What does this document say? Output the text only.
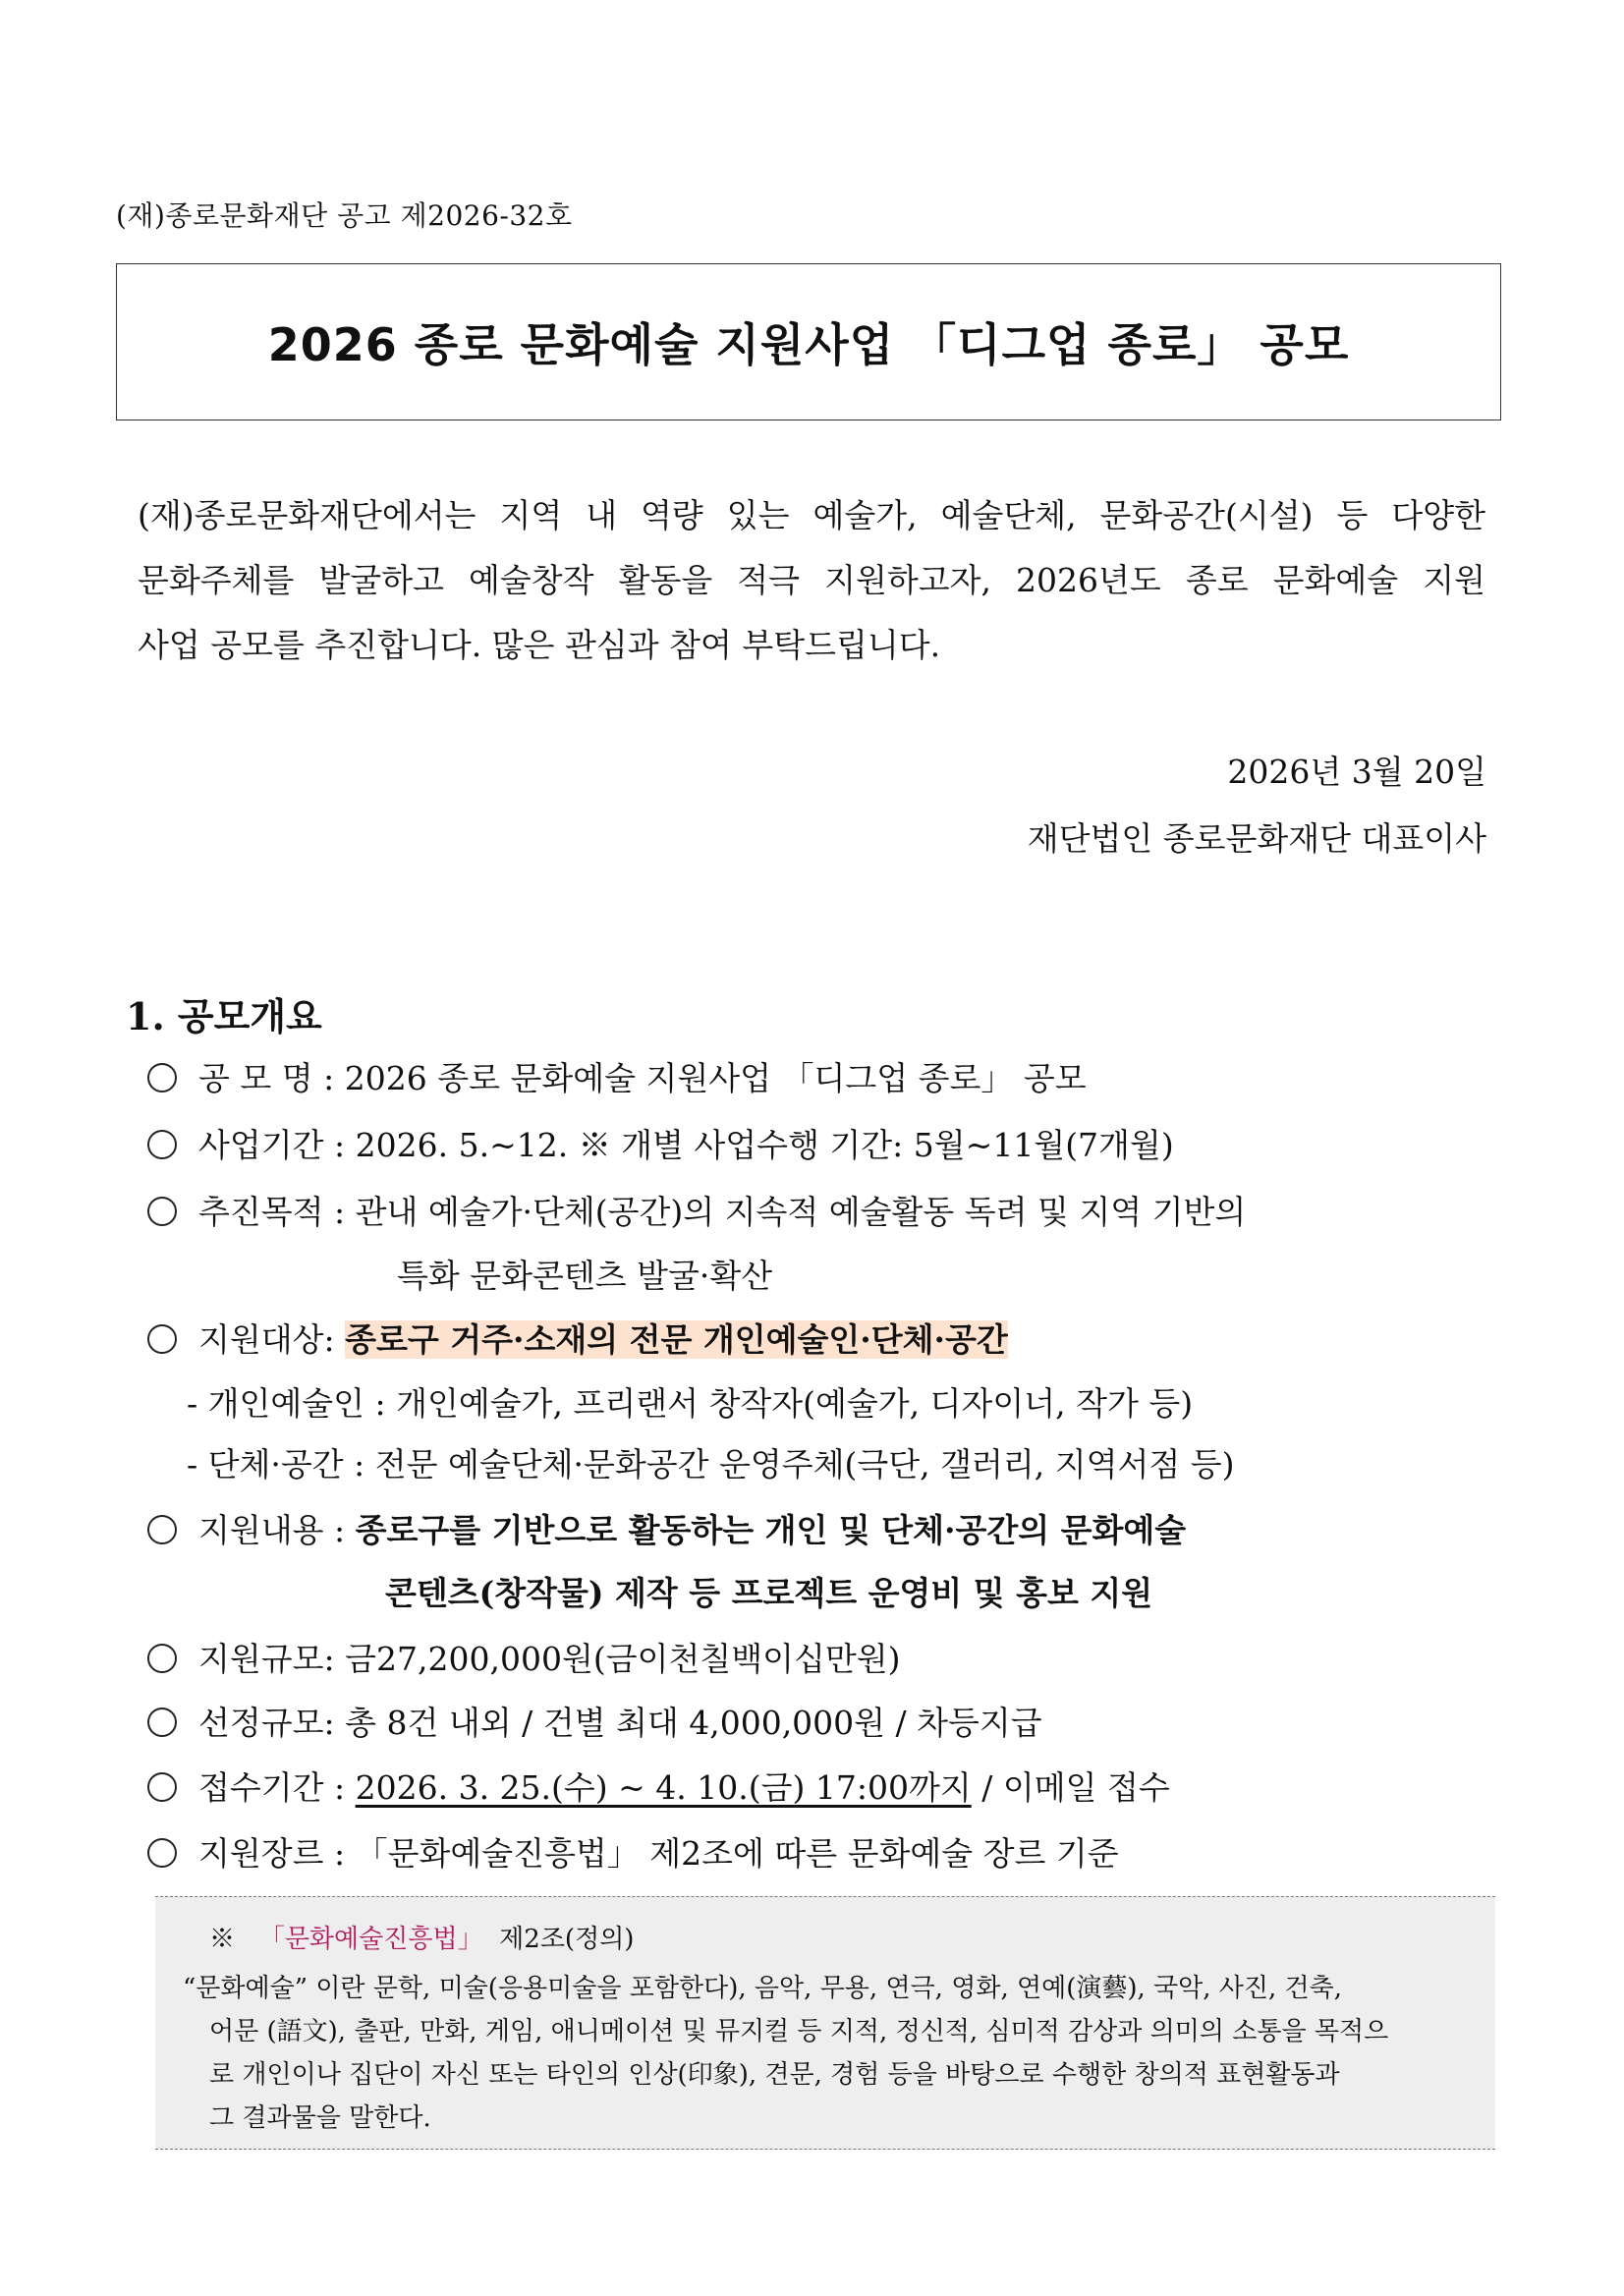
(재)종로문화재단 공고 제2026-32호
2026 종로 문화예술 지원사업 「디그업 종로」 공모
(재)종로문화재단에서는 지역 내 역량 있는 예술가, 예술단체, 문화공간(시설) 등 다양한
문화주체를 발굴하고 예술창작 활동을 적극 지원하고자, 2026년도 종로 문화예술 지원
사업 공모를 추진합니다. 많은 관심과 참여 부탁드립니다.
2026년 3월 20일
재단법인 종로문화재단 대표이사
1. 공모개요
공 모 명 : 2026 종로 문화예술 지원사업 「디그업 종로」 공모
사업기간 : 2026. 5.~12. ※ 개별 사업수행 기간: 5월~11월(7개월)
추진목적 : 관내 예술가·단체(공간)의 지속적 예술활동 독려 및 지역 기반의
특화 문화콘텐츠 발굴·확산
지원대상: 종로구 거주·소재의 전문 개인예술인·단체·공간
- 개인예술인 : 개인예술가, 프리랜서 창작자(예술가, 디자이너, 작가 등)
- 단체·공간 : 전문 예술단체·문화공간 운영주체(극단, 갤러리, 지역서점 등)
지원내용 : 종로구를 기반으로 활동하는 개인 및 단체·공간의 문화예술
콘텐츠(창작물) 제작 등 프로젝트 운영비 및 홍보 지원
지원규모: 금27,200,000원(금이천칠백이십만원)
선정규모: 총 8건 내외 / 건별 최대 4,000,000원 / 차등지급
접수기간 : 2026. 3. 25.(수) ~ 4. 10.(금) 17:00까지 / 이메일 접수
지원장르 : 「문화예술진흥법」 제2조에 따른 문화예술 장르 기준
※ 「문화예술진흥법」 제2조(정의)
“문화예술” 이란 문학, 미술(응용미술을 포함한다), 음악, 무용, 연극, 영화, 연예(演藝), 국악, 사진, 건축,
어문 (語文), 출판, 만화, 게임, 애니메이션 및 뮤지컬 등 지적, 정신적, 심미적 감상과 의미의 소통을 목적으
로 개인이나 집단이 자신 또는 타인의 인상(印象), 견문, 경험 등을 바탕으로 수행한 창의적 표현활동과
그 결과물을 말한다.
